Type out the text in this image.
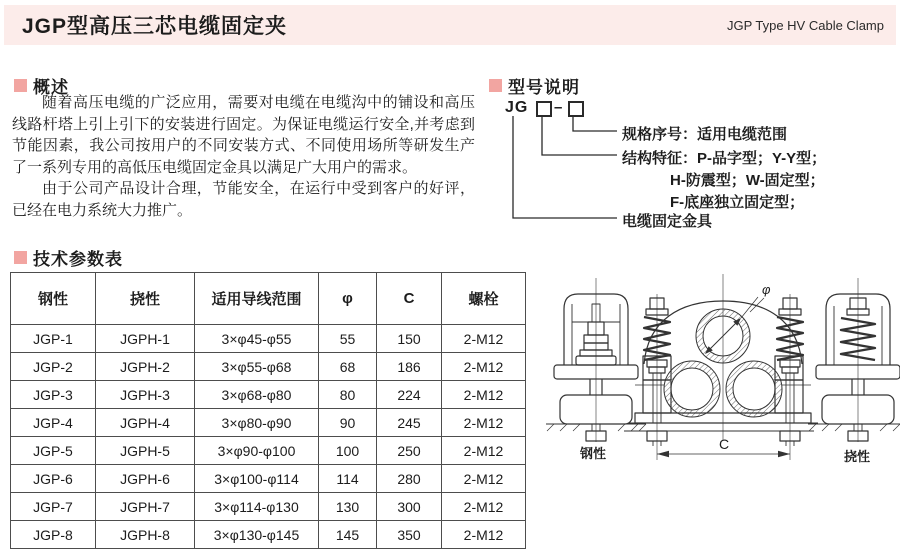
JGP型高压三芯电缆固定夹	JGP Type HV Cable Clamp
概述

随着高压电缆的广泛应用，需要对电缆在电缆沟中的铺设和高压线路杆塔上引上引下的安装进行固定。为保证电缆运行安全,并考虑到节能因素，我公司按用户的不同安装方式、不同使用场所等研发生产了一系列专用的高低压电缆固定金具以满足广大用户的需求。

由于公司产品设计合理，节能安全，在运行中受到客户的好评，已经在电力系统大力推广。

型号说明
JG –
规格序号：适用电缆范围
结构特征：P-品字型；Y-Y型；
H-防震型；W-固定型；
F-底座独立固定型；
电缆固定金具
技术参数表
钢性	挠性	适用导线范围	φ	C	螺栓
JGP-1	JGPH-1	3×φ45-φ55	55	150	2-M12
JGP-2	JGPH-2	3×φ55-φ68	68	186	2-M12
JGP-3	JGPH-3	3×φ68-φ80	80	224	2-M12
JGP-4	JGPH-4	3×φ80-φ90	90	245	2-M12
JGP-5	JGPH-5	3×φ90-φ100	100	250	2-M12
JGP-6	JGPH-6	3×φ100-φ114	114	280	2-M12
JGP-7	JGPH-7	3×φ114-φ130	130	300	2-M12
JGP-8	JGPH-8	3×φ130-φ145	145	350	2-M12
φ
C
钢性	挠性
